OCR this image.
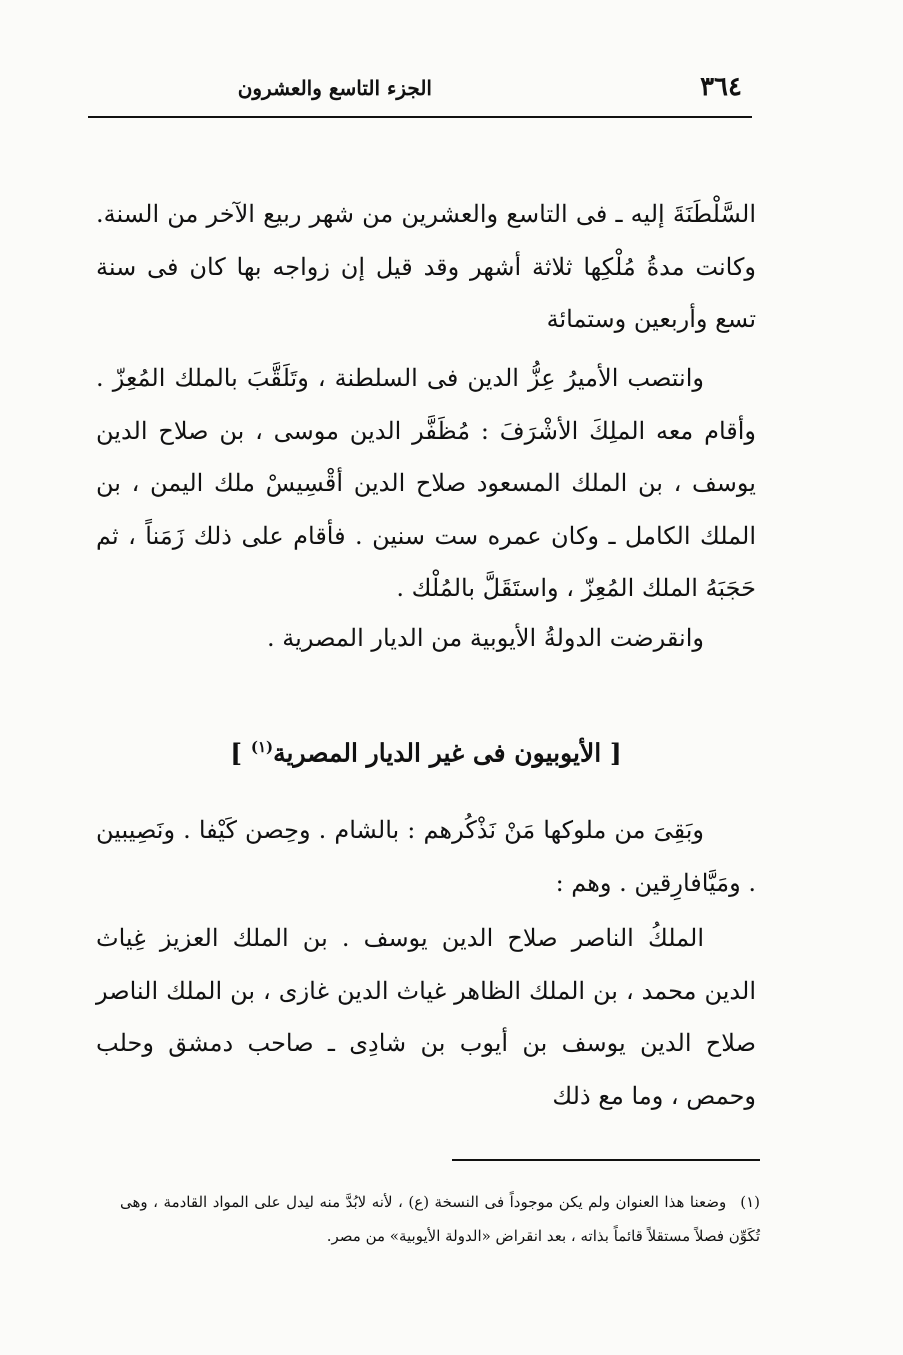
٣٦٤
الجزء التاسع والعشرون

السَّلْطَنَةَ إليه ـ فى التاسع والعشرين من شهر ربيع الآخر من السنة. وكانت مدةُ مُلْكِها ثلاثة أشهر وقد قيل إن زواجه بها كان فى سنة تسع وأربعين وستمائة

وانتصب الأميرُ عِزُّ الدين فى السلطنة ، وتَلَقَّبَ بالملك المُعِزّ . وأقام معه الملِكَ الأشْرَفَ : مُظَفَّر الدين موسى ، بن صلاح الدين يوسف ، بن الملك المسعود صلاح الدين أقْسِيسْ ملك اليمن ، بن الملك الكامل ـ وكان عمره ست سنين . فأقام على ذلك زَمَناً ، ثم حَجَبَهُ الملك المُعِزّ ، واستَقَلَّ بالمُلْك .

وانقرضت الدولةُ الأيوبية من الديار المصرية .

[ الأيوبيون فى غير الديار المصرية$^{(١)}$ ]

وبَقِىَ من ملوكها مَنْ نَذْكُرهم : بالشام . وحِصن كَيْفا . ونَصِيبين . ومَيَّافارِقين . وهم :

الملكُ الناصر صلاح الدين يوسف . بن الملك العزيز غِياث الدين محمد ، بن الملك الظاهر غياث الدين غازى ، بن الملك الناصر صلاح الدين يوسف بن أيوب بن شادِى ـ صاحب دمشق وحلب وحمص ، وما مع ذلك

(١)وضعنا هذا العنوان ولم يكن موجوداً فى النسخة (ع) ، لأنه لابُدَّ منه ليدل على المواد القادمة ، وهى تُكَوِّن فصلاً مستقلاً قائماً بذاته ، بعد انقراض «الدولة الأيوبية» من مصر.
